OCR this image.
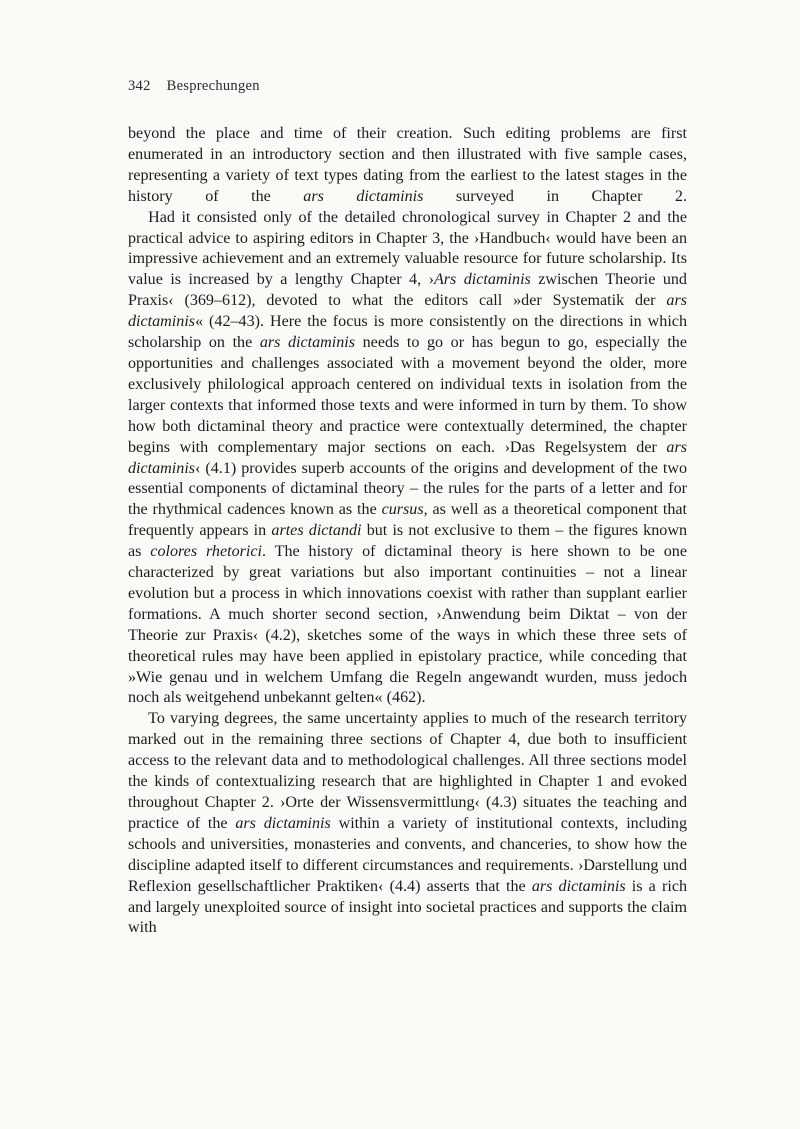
342 Besprechungen

beyond the place and time of their creation. Such editing problems are first enumerated in an introductory section and then illustrated with five sample cases, representing a variety of text types dating from the earliest to the latest stages in the history of the ars dictaminis surveyed in Chapter 2.

Had it consisted only of the detailed chronological survey in Chapter 2 and the practical advice to aspiring editors in Chapter 3, the ›Handbuch‹ would have been an impressive achievement and an extremely valuable resource for future scholarship. Its value is increased by a lengthy Chapter 4, ›Ars dictaminis zwischen Theorie und Praxis‹ (369–612), devoted to what the editors call »der Systematik der ars dictaminis« (42–43). Here the focus is more consistently on the directions in which scholarship on the ars dictaminis needs to go or has begun to go, especially the opportunities and challenges associated with a movement beyond the older, more exclusively philological approach centered on individual texts in isolation from the larger contexts that informed those texts and were informed in turn by them. To show how both dictaminal theory and practice were contextually determined, the chapter begins with complementary major sections on each. ›Das Regelsystem der ars dictaminis‹ (4.1) provides superb accounts of the origins and development of the two essential components of dictaminal theory – the rules for the parts of a letter and for the rhythmical cadences known as the cursus, as well as a theoretical component that frequently appears in artes dictandi but is not exclusive to them – the figures known as colores rhetorici. The history of dictaminal theory is here shown to be one characterized by great variations but also important continuities – not a linear evolution but a process in which innovations coexist with rather than supplant earlier formations. A much shorter second section, ›Anwendung beim Diktat – von der Theorie zur Praxis‹ (4.2), sketches some of the ways in which these three sets of theoretical rules may have been applied in epistolary practice, while conceding that »Wie genau und in welchem Umfang die Regeln angewandt wurden, muss jedoch noch als weitgehend unbekannt gelten« (462).

To varying degrees, the same uncertainty applies to much of the research territory marked out in the remaining three sections of Chapter 4, due both to insufficient access to the relevant data and to methodological challenges. All three sections model the kinds of contextualizing research that are highlighted in Chapter 1 and evoked throughout Chapter 2. ›Orte der Wissensvermittlung‹ (4.3) situates the teaching and practice of the ars dictaminis within a variety of institutional contexts, including schools and universities, monasteries and convents, and chanceries, to show how the discipline adapted itself to different circumstances and requirements. ›Darstellung und Reflexion gesellschaftlicher Praktiken‹ (4.4) asserts that the ars dictaminis is a rich and largely unexploited source of insight into societal practices and supports the claim with
